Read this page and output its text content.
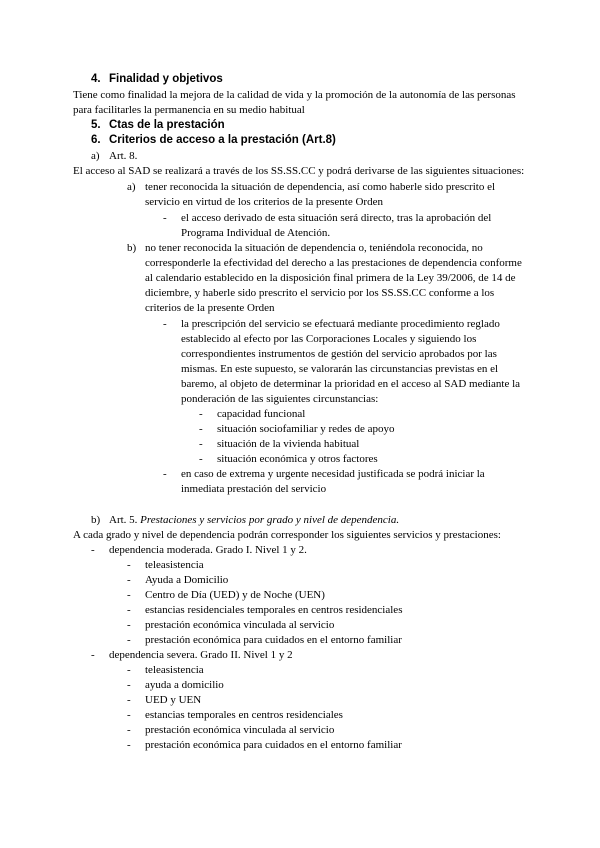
4. Finalidad y objetivos
Tiene como finalidad la mejora de la calidad de vida y la promoción de la autonomía de las personas
para facilitarles la permanencia en su medio habitual
5. Ctas de la prestación
6. Criterios de acceso a la prestación (Art.8)
a) Art. 8.
El acceso al SAD se realizará a través de los SS.SS.CC y podrá derivarse de las siguientes situaciones:
a) tener reconocida la situación de dependencia, así como haberle sido prescrito el
servicio en virtud de los criterios de la presente Orden
- el acceso derivado de esta situación será directo, tras la aprobación del
Programa Individual de Atención.
b) no tener reconocida la situación de dependencia o, teniéndola reconocida, no
corresponderle la efectividad del derecho a las prestaciones de dependencia conforme
al calendario establecido en la disposición final primera de la Ley 39/2006, de 14 de
diciembre, y haberle sido prescrito el servicio por los SS.SS.CC conforme a los
criterios de la presente Orden
- la prescripción del servicio se efectuará mediante procedimiento reglado
establecido al efecto por las Corporaciones Locales y siguiendo los
correspondientes instrumentos de gestión del servicio aprobados por las
mismas. En este supuesto, se valorarán las circunstancias previstas en el
baremo, al objeto de determinar la prioridad en el acceso al SAD mediante la
ponderación de las siguientes circunstancias:
- capacidad funcional
- situación sociofamiliar y redes de apoyo
- situación de la vivienda habitual
- situación económica y otros factores
- en caso de extrema y urgente necesidad justificada se podrá iniciar la
inmediata prestación del servicio
b) Art. 5. Prestaciones y servicios por grado y nivel de dependencia.
A cada grado y nivel de dependencia podrán corresponder los siguientes servicios y prestaciones:
- dependencia moderada. Grado I. Nivel 1 y 2.
- teleasistencia
- Ayuda a Domicilio
- Centro de Día (UED) y de Noche (UEN)
- estancias residenciales temporales en centros residenciales
- prestación económica vinculada al servicio
- prestación económica para cuidados en el entorno familiar
- dependencia severa. Grado II. Nivel 1 y 2
- teleasistencia
- ayuda a domicilio
- UED y UEN
- estancias temporales en centros residenciales
- prestación económica vinculada al servicio
- prestación económica para cuidados en el entorno familiar
